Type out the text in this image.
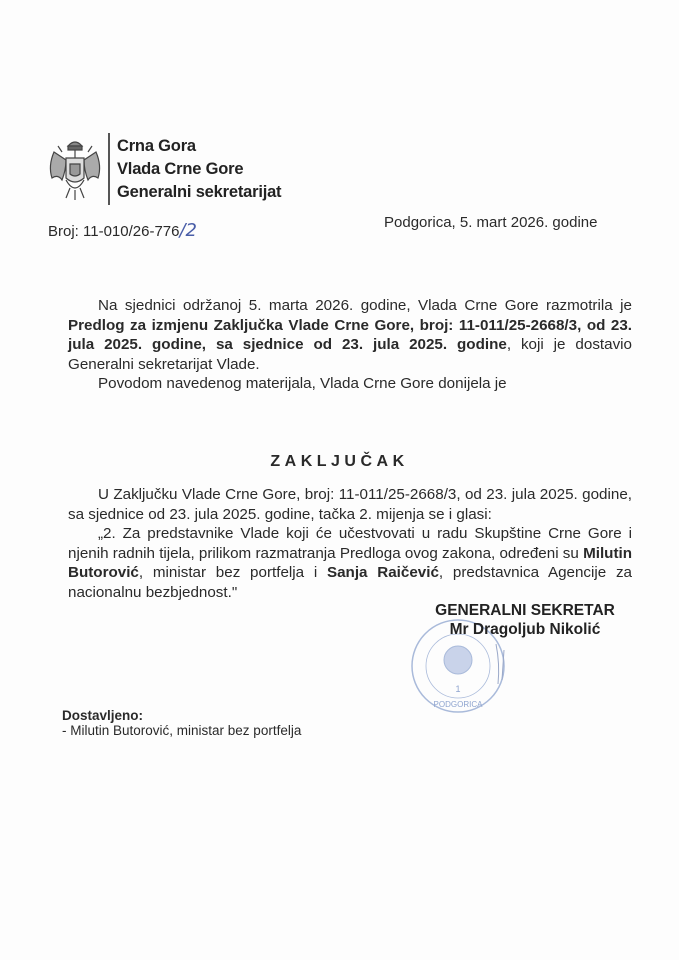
Crna Gora
Vlada Crne Gore
Generalni sekretarijat
Broj: 11-010/26-776/2	Podgorica, 5. mart 2026. godine
Na sjednici održanoj 5. marta 2026. godine, Vlada Crne Gore razmotrila je Predlog za izmjenu Zaključka Vlade Crne Gore, broj: 11-011/25-2668/3, od 23. jula 2025. godine, sa sjednice od 23. jula 2025. godine, koji je dostavio Generalni sekretarijat Vlade.
Povodom navedenog materijala, Vlada Crne Gore donijela je
ZAKLJUČAK
U Zaključku Vlade Crne Gore, broj: 11-011/25-2668/3, od 23. jula 2025. godine, sa sjednice od 23. jula 2025. godine, tačka 2. mijenja se i glasi:
„2. Za predstavnike Vlade koji će učestvovati u radu Skupštine Crne Gore i njenih radnih tijela, prilikom razmatranja Predloga ovog zakona, određeni su Milutin Butorović, ministar bez portfelja i Sanja Raičević, predstavnica Agencije za nacionalnu bezbjednost."
1
PODGORICA
GENERALNI SEKRETAR
Mr Dragoljub Nikolić
Dostavljeno:
- Milutin Butorović, ministar bez portfelja
